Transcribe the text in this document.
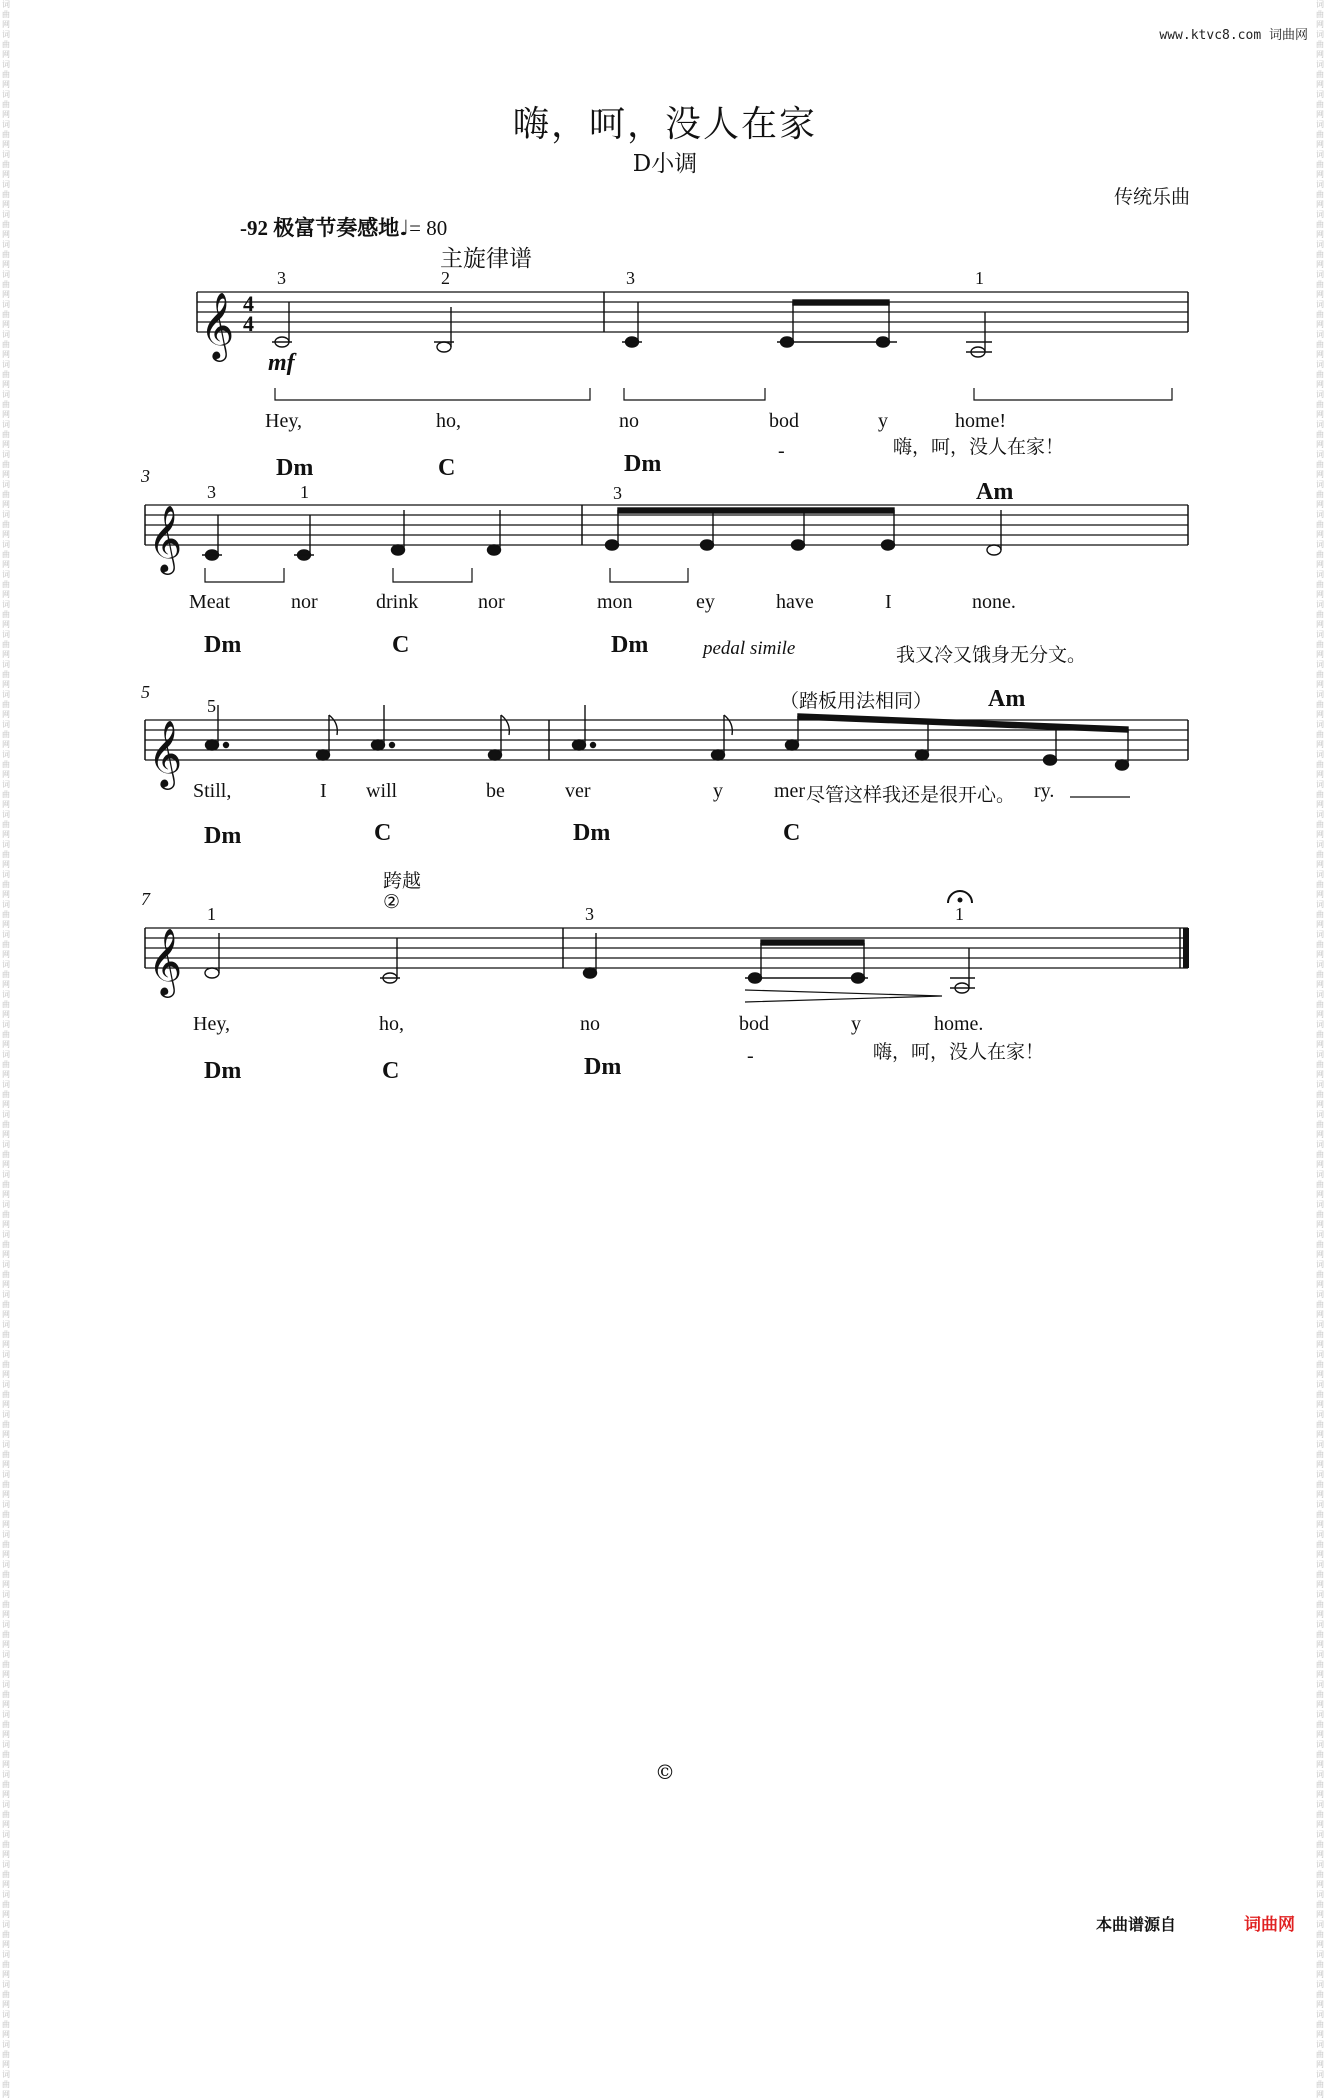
词曲网 词曲网 词曲网 词曲网 词曲网 词曲网 词曲网 词曲网 词曲网 词曲网 词曲网 词曲网 词曲网 词曲网 词曲网 词曲网 词曲网 词曲网 词曲网 词曲网 词曲网 词曲网 词曲网 词曲网 词曲网 词曲网 词曲网 词曲网 词曲网 词曲网 词曲网 词曲网 词曲网 词曲网 词曲网 词曲网 词曲网 词曲网 词曲网 词曲网 词曲网 词曲网 词曲网 词曲网 词曲网 词曲网 词曲网 词曲网 词曲网 词曲网 词曲网 词曲网 词曲网 词曲网 词曲网 词曲网 词曲网 词曲网 词曲网 词曲网 词曲网 词曲网 词曲网 词曲网 词曲网 词曲网 词曲网 词曲网 词曲网 词曲网
词曲网 词曲网 词曲网 词曲网 词曲网 词曲网 词曲网 词曲网 词曲网 词曲网 词曲网 词曲网 词曲网 词曲网 词曲网 词曲网 词曲网 词曲网 词曲网 词曲网 词曲网 词曲网 词曲网 词曲网 词曲网 词曲网 词曲网 词曲网 词曲网 词曲网 词曲网 词曲网 词曲网 词曲网 词曲网 词曲网 词曲网 词曲网 词曲网 词曲网 词曲网 词曲网 词曲网 词曲网 词曲网 词曲网 词曲网 词曲网 词曲网 词曲网 词曲网 词曲网 词曲网 词曲网 词曲网 词曲网 词曲网 词曲网 词曲网 词曲网 词曲网 词曲网 词曲网 词曲网 词曲网 词曲网 词曲网 词曲网 词曲网 词曲网
www.ktvc8.com 词曲网
嗨，呵，没人在家
D小调
传统乐曲
-92 极富节奏感地♩= 80
主旋律谱
𝄞
𝄞
𝄞
𝄞
4
4
mf
3	2	3	1
Hey,	ho,	no	bod	y	home!
-	嗨，呵，没人在家！
3	Dm	C	Dm
Am
3	1	3
Meat	nor	drink	nor	mon	ey	have	I	none.
Dm	C	Dm	pedal simile	我又冷又饿身无分文。
5
5	（踏板用法相同） Am
Still,	I will	be	ver	y	mer 尽管这样我还是很开心。 ry.
Dm	C	Dm	C
跨越
②
7
1	3	1
Hey,	ho,	no	bod	y	home.
-	嗨，呵，没人在家！
Dm	C	Dm
©
本曲谱源自	词曲网
